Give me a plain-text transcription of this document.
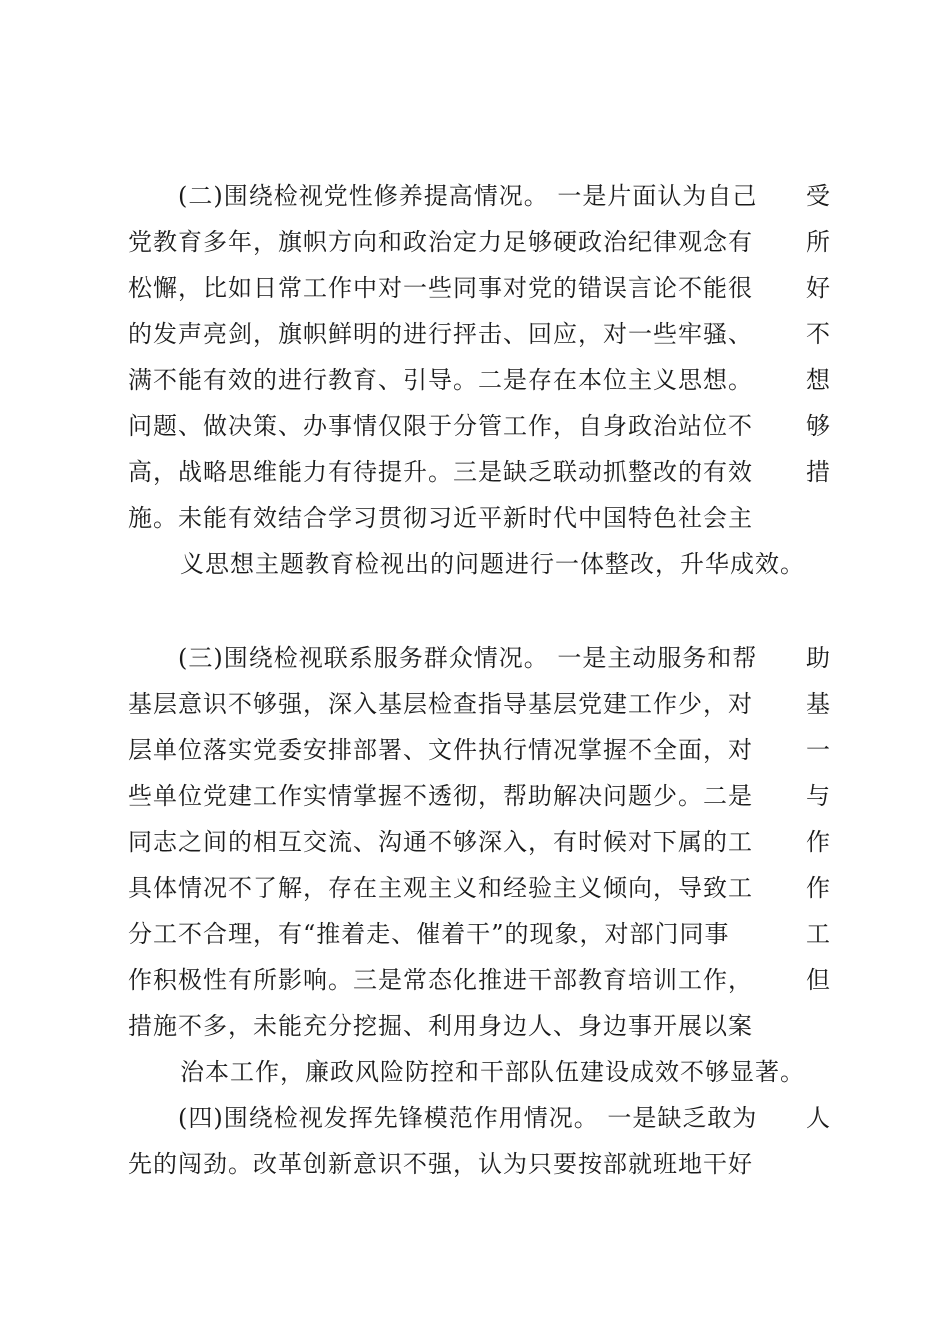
(二)围绕检视党性修养提高情况。 一是片面认为自己 受
党教育多年，旗帜方向和政治定力足够硬政治纪律观念有 所
松懈，比如日常工作中对一些同事对党的错误言论不能很 好
的发声亮剑，旗帜鲜明的进行抨击、回应，对一些牢骚、 不
满不能有效的进行教育、引导。二是存在本位主义思想。 想
问题、做决策、办事情仅限于分管工作，自身政治站位不 够
高，战略思维能力有待提升。三是缺乏联动抓整改的有效 措
施。未能有效结合学习贯彻习近平新时代中国特色社会主
义思想主题教育检视出的问题进行一体整改，升华成效。
(三)围绕检视联系服务群众情况。 一是主动服务和帮 助
基层意识不够强，深入基层检查指导基层党建工作少，对 基
层单位落实党委安排部署、文件执行情况掌握不全面，对 一
些单位党建工作实情掌握不透彻，帮助解决问题少。二是 与
同志之间的相互交流、沟通不够深入，有时候对下属的工 作
具体情况不了解，存在主观主义和经验主义倾向，导致工 作
分工不合理，有“推着走、催着干”的现象，对部门同事	工
作积极性有所影响。三是常态化推进干部教育培训工作， 但
措施不多，未能充分挖掘、利用身边人、身边事开展以案
治本工作，廉政风险防控和干部队伍建设成效不够显著。
(四)围绕检视发挥先锋模范作用情况。 一是缺乏敢为 人
先的闯劲。改革创新意识不强，认为只要按部就班地干好
